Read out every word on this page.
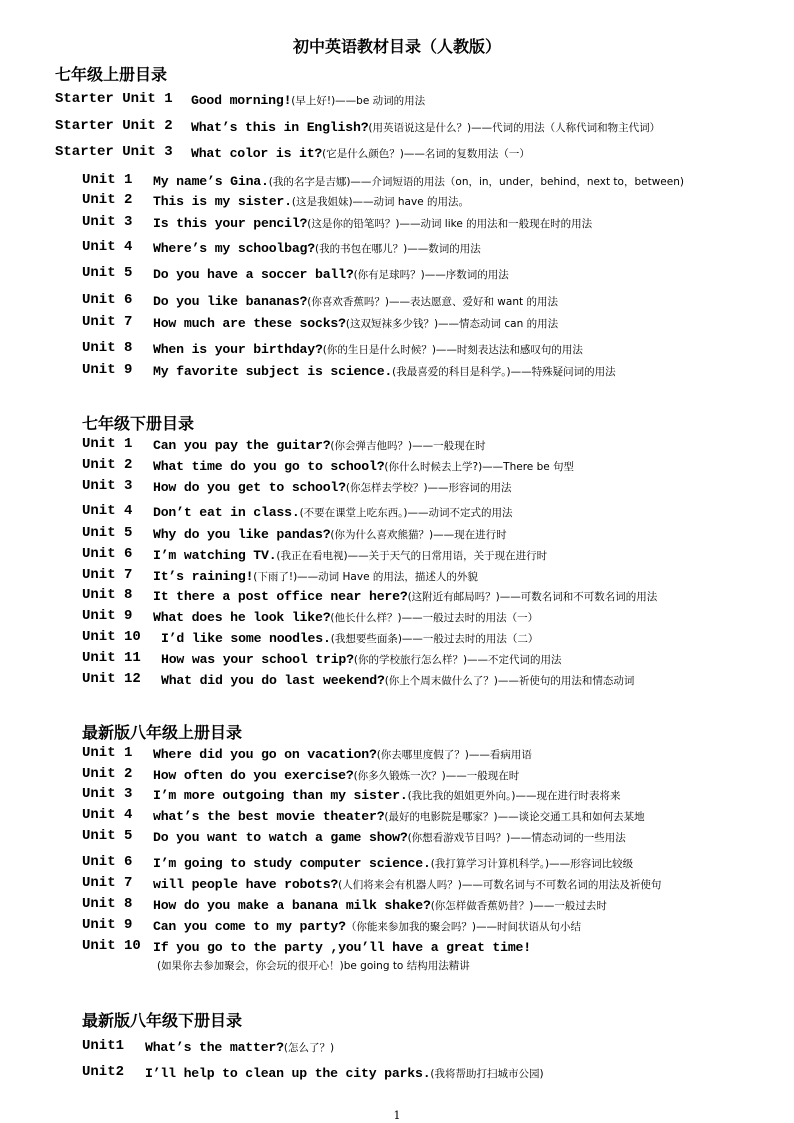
初中英语教材目录（人教版）
七年级上册目录
Starter Unit 1 Good morning!(早上好!)——be 动词的用法
Starter Unit 2 What’s this in English?(用英语说这是什么？)——代词的用法（人称代词和物主代词）
Starter Unit 3 What color is it?(它是什么颜色？)——名词的复数用法（一）
Unit 1 My name’s Gina.(我的名字是吉娜)——介词短语的用法（on，in，under，behind，next to，between)
Unit 2 This is my sister.(这是我姐妹)——动词 have 的用法。
Unit 3 Is this your pencil?(这是你的铅笔吗？)——动词 like 的用法和一般现在时的用法
Unit 4 Where’s my schoolbag?(我的书包在哪儿？)——数词的用法
Unit 5 Do you have a soccer ball?(你有足球吗？)——序数词的用法
Unit 6 Do you like bananas?(你喜欢香蕉吗？)——表达愿意、爱好和 want 的用法
Unit 7 How much are these socks?(这双短袜多少钱？)——情态动词 can 的用法
Unit 8 When is your birthday?(你的生日是什么时候？)——时刻表达法和感叹句的用法
Unit 9 My favorite subject is science.(我最喜爱的科目是科学。)——特殊疑问词的用法
七年级下册目录
Unit 1 Can you pay the guitar?(你会弹吉他吗？)——一般现在时
Unit 2 What time do you go to school?(你什么时候去上学?)——There be 句型
Unit 3 How do you get to school?(你怎样去学校？)——形容词的用法
Unit 4 Don’t eat in class.(不要在课堂上吃东西。)——动词不定式的用法
Unit 5 Why do you like pandas?(你为什么喜欢熊猫？)——现在进行时
Unit 6 I’m watching TV.(我正在看电视)——关于天气的日常用语，关于现在进行时
Unit 7 It’s raining!(下雨了!)——动词 Have 的用法，描述人的外貌
Unit 8 It there a post office near here?(这附近有邮局吗？)——可数名词和不可数名词的用法
Unit 9 What does he look like?(他长什么样？)——一般过去时的用法（一）
Unit 10 I’d like some noodles.(我想要些面条)——一般过去时的用法（二）
Unit 11 How was your school trip?(你的学校旅行怎么样？)——不定代词的用法
Unit 12 What did you do last weekend?(你上个周末做什么了？)——祈使句的用法和情态动词
最新版八年级上册目录
Unit 1 Where did you go on vacation?(你去哪里度假了？)——看病用语
Unit 2 How often do you exercise?(你多久锻炼一次？)——一般现在时
Unit 3 I’m more outgoing than my sister.(我比我的姐姐更外向。)——现在进行时表将来
Unit 4 what’s the best movie theater?(最好的电影院是哪家？)——谈论交通工具和如何去某地
Unit 5 Do you want to watch a game show?(你想看游戏节目吗？)——情态动词的一些用法
Unit 6 I’m going to study computer science.(我打算学习计算机科学。)——形容词比较级
Unit 7 will people have robots?(人们将来会有机器人吗？)——可数名词与不可数名词的用法及祈使句
Unit 8 How do you make a banana milk shake?(你怎样做香蕉奶昔？)——一般过去时
Unit 9 Can you come to my party?（你能来参加我的聚会吗？)——时间状语从句小结
Unit 10 If you go to the party ,you’ll have a great time!
最新版八年级下册目录
Unit1 What’s the matter?(怎么了？)
Unit2 I’ll help to clean up the city parks.(我将帮助打扫城市公园)
(如果你去参加聚会，你会玩的很开心！)be going to 结构用法精讲
1
